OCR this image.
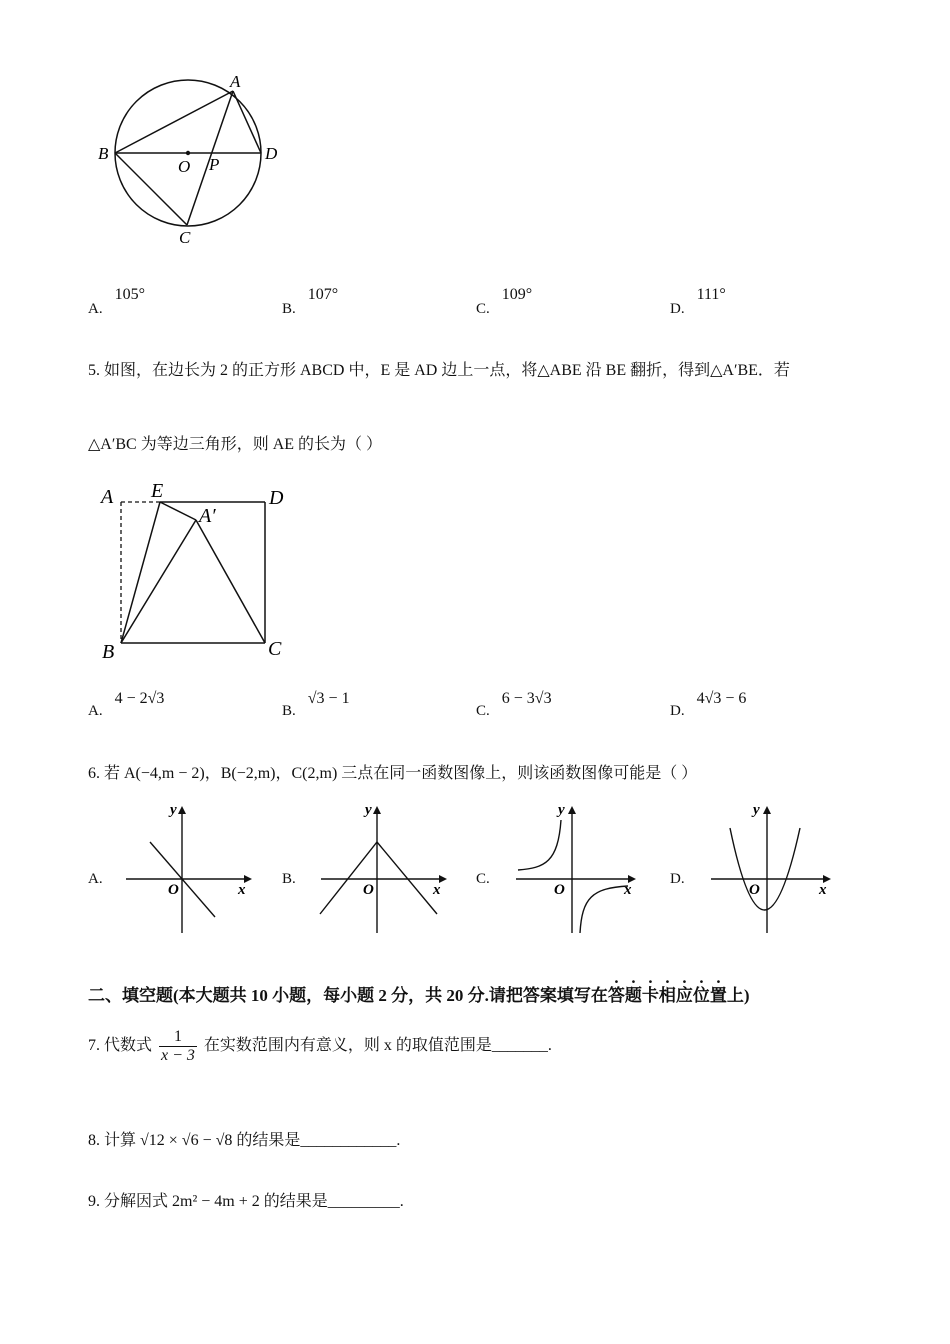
A
B
O P
D
C
A. 105°
B. 107°
C. 109°
D. 111°
5. 如图，在边长为 2 的正方形 ABCD 中，E 是 AD 边上一点，将△ABE 沿 BE 翻折，得到△A′BE．若
△A′BC 为等边三角形，则 AE 的长为（ ）
A E	D
A′
B	C
A. 4 − 2√3
B. √3 − 1
C. 6 − 3√3
D. 4√3 − 6
6. 若 A(−4,m − 2)，B(−2,m)，C(2,m) 三点在同一函数图像上，则该函数图像可能是（ ）
A.
y
x
O
B.
y
x
O
C.
y
x
O
D.
y
x
O
二、填空题(本大题共 10 小题，每小题 2 分，共 20 分.请把答案填写在答题卡相应位置上)
7. 代数式 $\frac{1}{x - 3}$ 在实数范围内有意义，则 x 的取值范围是_______.
8. 计算 √12 × √6 − √8 的结果是____________.
9. 分解因式 2m² − 4m + 2 的结果是_________.
